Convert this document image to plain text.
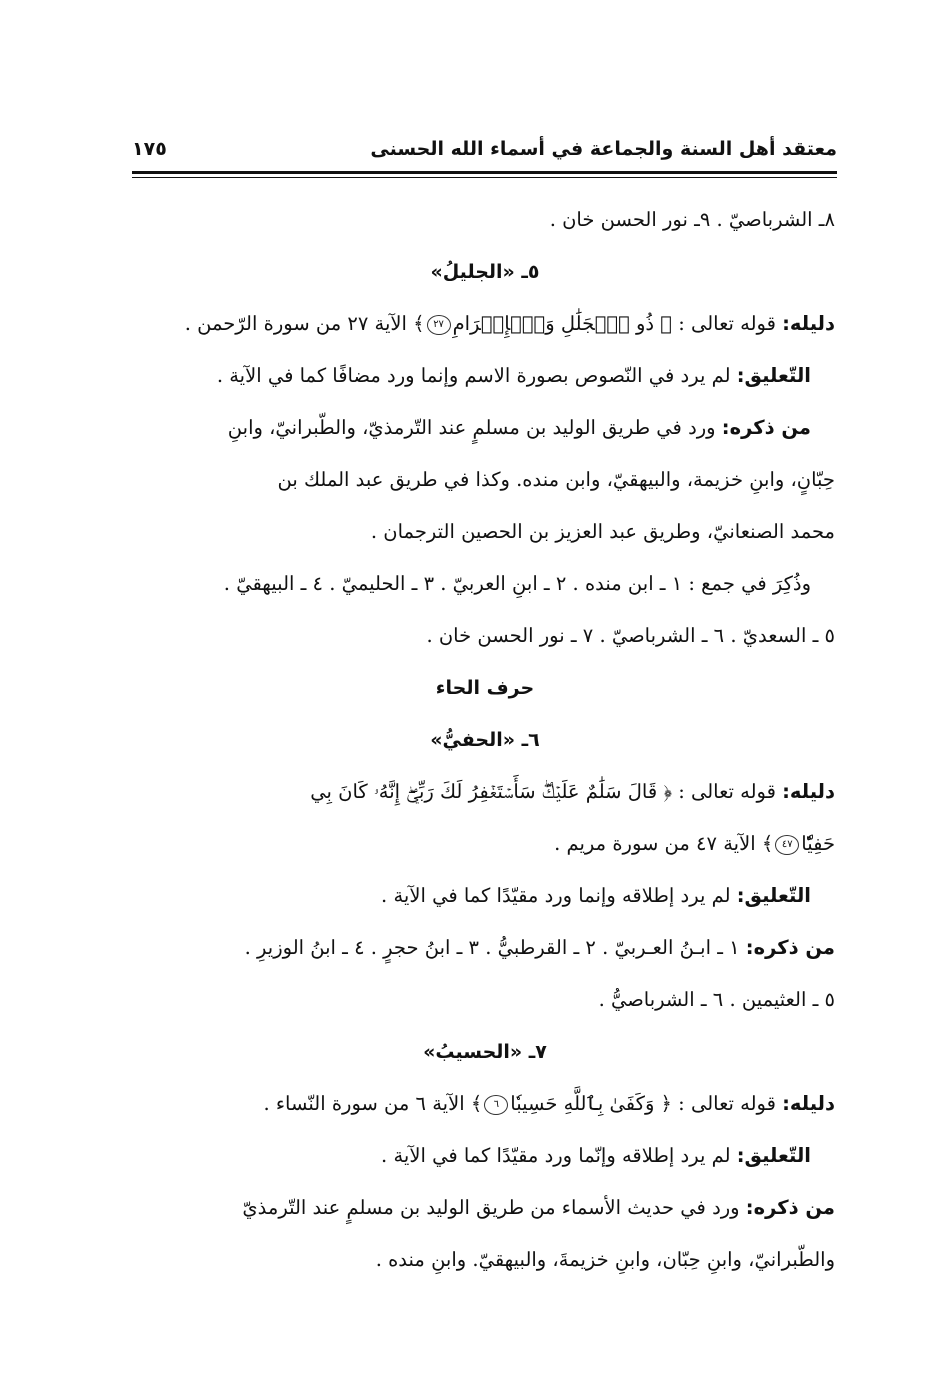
معتقد أهل السنة والجماعة في أسماء الله الحسنى
١٧٥
٨ـ الشرباصيّ . ٩ـ نور الحسن خان .
٥ـ «الجليلُ»
دليله: قوله تعالى : ﴿ ذُو ٱلۡجَلَٰلِ وَٱلۡإِكۡرَامِ٢٧﴾ الآية ٢٧ من سورة الرّحمن .
التّعليق: لم يرد في النّصوص بصورة الاسم وإنما ورد مضافًا كما في الآية .
من ذكره: ورد في طريق الوليد بن مسلمٍ عند التّرمذيّ، والطّبرانيّ، وابنِ
حِبّانٍ، وابنِ خزيمة، والبيهقيّ، وابن منده. وكذا في طريق عبد الملك بن
محمد الصنعانيّ، وطريق عبد العزيز بن الحصين الترجمان .
وذُكِرَ في جمع : ١ ـ ابن منده . ٢ ـ ابنِ العربيّ . ٣ ـ الحليميّ . ٤ ـ البيهقيّ .
٥ ـ السعديّ . ٦ ـ الشرباصيّ . ٧ ـ نور الحسن خان .
حرف الحاء
٦ـ «الحفيُّ»
دليله: قوله تعالى : ﴿ قَالَ سَلَٰمٌ عَلَيۡكَۖ سَأَسۡتَغۡفِرُ لَكَ رَبِّيٓۖ إِنَّهُۥ كَانَ بِي
حَفِيّٗا٤٧﴾ الآية ٤٧ من سورة مريم .
التّعليق: لم يرد إطلاقه وإنما ورد مقيّدًا كما في الآية .
من ذكره: ١ ـ ابـنُ العـربيّ . ٢ ـ القرطبيُّ . ٣ ـ ابنُ حجرٍ . ٤ ـ ابنُ الوزيرِ .
٥ ـ العثيمين . ٦ ـ الشرباصيُّ .
٧ـ «الحسيبُ»
دليله: قوله تعالى : ﴿ وَكَفَىٰ بِٱللَّهِ حَسِيبٗا٦﴾ الآية ٦ من سورة النّساء .
التّعليق: لم يرد إطلاقه وإنّما ورد مقيّدًا كما في الآية .
من ذكره: ورد في حديث الأسماء من طريق الوليد بن مسلمٍ عند التّرمذيّ
والطّبرانيّ، وابنِ حِبّان، وابنِ خزيمةَ، والبيهقيّ. وابنِ منده .
